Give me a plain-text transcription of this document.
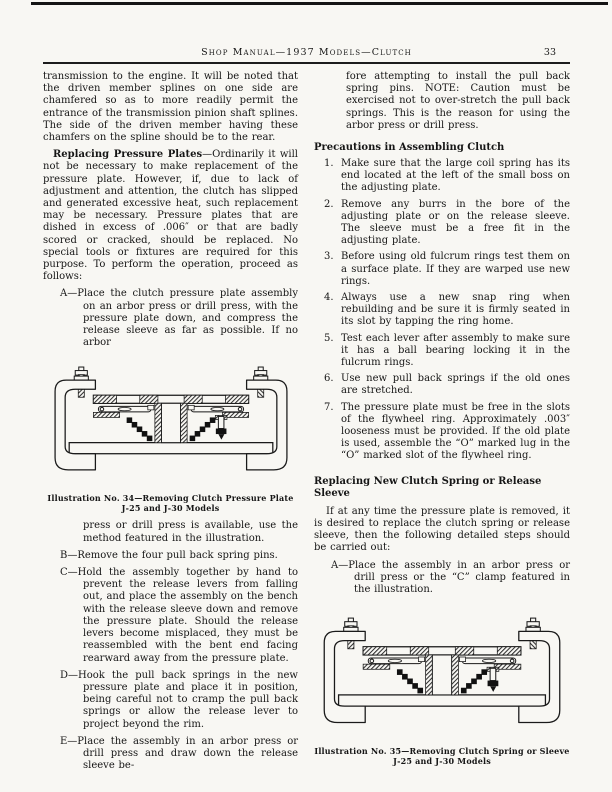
Shop Manual—1937 Models—Clutch	33

transmission to the engine. It will be noted that the driven member splines on one side are chamfered so as to more readily permit the entrance of the transmission pinion shaft splines. The side of the driven member having these chamfers on the spline should be to the rear.

Replacing Pressure Plates—Ordinarily it will not be necessary to make replacement of the pressure plate. However, if, due to lack of adjustment and attention, the clutch has slipped and generated excessive heat, such replacement may be necessary. Pressure plates that are dished in excess of .006″ or that are badly scored or cracked, should be replaced. No special tools or fixtures are required for this purpose. To perform the operation, proceed as follows:

A—Place the clutch pressure plate assembly on an arbor press or drill press, with the pressure plate down, and compress the release sleeve as far as possible. If no arbor

Illustration No. 34—Removing Clutch Pressure Plate
J-25 and J-30 Models

press or drill press is available, use the method featured in the illustration.

B—Remove the four pull back spring pins.

C—Hold the assembly together by hand to prevent the release levers from falling out, and place the assembly on the bench with the release sleeve down and remove the pressure plate. Should the release levers become misplaced, they must be reassembled with the bent end facing rearward away from the pressure plate.

D—Hook the pull back springs in the new pressure plate and place it in position, being careful not to cramp the pull back springs or allow the release lever to project beyond the rim.

E—Place the assembly in an arbor press or drill press and draw down the release sleeve be-

fore attempting to install the pull back spring pins. NOTE: Caution must be exercised not to over-stretch the pull back springs. This is the reason for using the arbor press or drill press.

Precautions in Assembling Clutch
1. Make sure that the large coil spring has its end located at the left of the small boss on the adjusting plate.

2. Remove any burrs in the bore of the adjusting plate or on the release sleeve. The sleeve must be a free fit in the adjusting plate.

3. Before using old fulcrum rings test them on a surface plate. If they are warped use new rings.

4. Always use a new snap ring when rebuilding and be sure it is firmly seated in its slot by tapping the ring home.

5. Test each lever after assembly to make sure it has a ball bearing locking it in the fulcrum rings.

6. Use new pull back springs if the old ones are stretched.

7. The pressure plate must be free in the slots of the flywheel ring. Approximately .003″ looseness must be provided. If the old plate is used, assemble the “O” marked lug in the “O” marked slot of the flywheel ring.

Replacing New Clutch Spring or Release Sleeve

If at any time the pressure plate is removed, it is desired to replace the clutch spring or release sleeve, then the following detailed steps should be carried out:

A—Place the assembly in an arbor press or drill press or the “C” clamp featured in the illustration.

Illustration No. 35—Removing Clutch Spring or Sleeve
J-25 and J-30 Models
